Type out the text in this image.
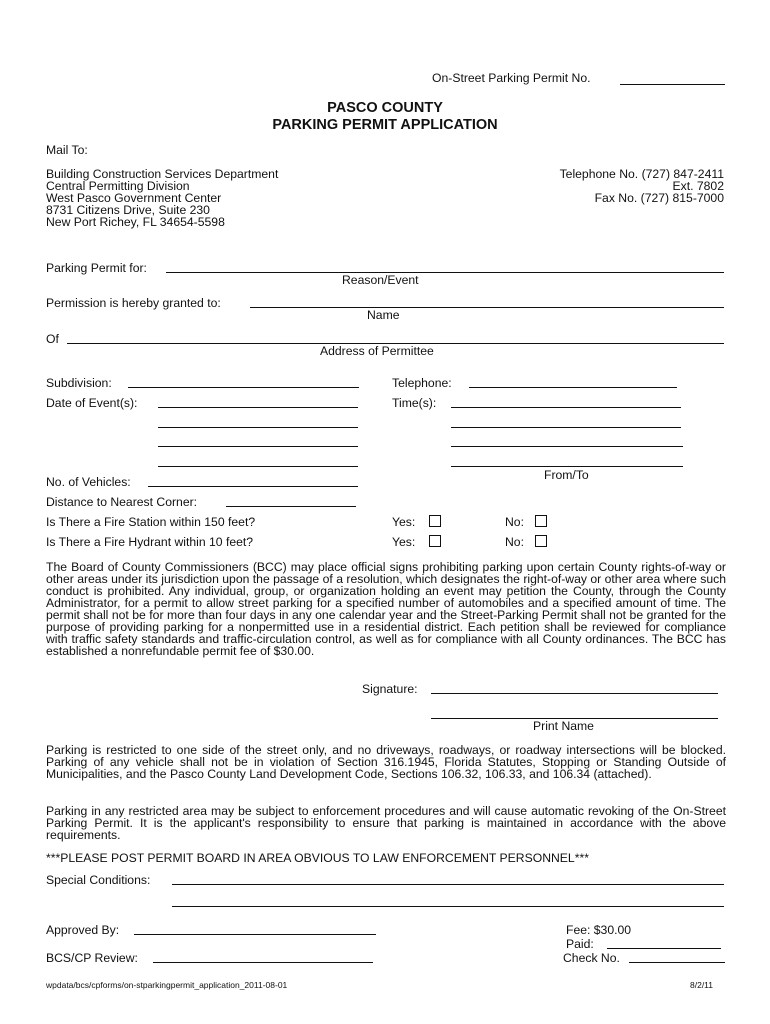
On-Street Parking Permit No.
PASCO COUNTY
PARKING PERMIT APPLICATION
Mail To:
Building Construction Services Department
Central Permitting Division
West Pasco Government Center
8731 Citizens Drive, Suite 230
New Port Richey, FL 34654-5598
Telephone No. (727) 847-2411
Ext. 7802
Fax No. (727) 815-7000
Parking Permit for:
Reason/Event
Permission is hereby granted to:
Name
Of
Address of Permittee
Subdivision:	Telephone:
Date of Event(s):	Time(s):
From/To
No. of Vehicles:
Distance to Nearest Corner:
Is There a Fire Station within 150 feet?	Yes:	No:
Is There a Fire Hydrant within 10 feet?	Yes:	No:
The Board of County Commissioners (BCC) may place official signs prohibiting parking upon certain County rights-of-way or other areas under its jurisdiction upon the passage of a resolution, which designates the right-of-way or other area where such conduct is prohibited. Any individual, group, or organization holding an event may petition the County, through the County Administrator, for a permit to allow street parking for a specified number of automobiles and a specified amount of time. The permit shall not be for more than four days in any one calendar year and the Street-Parking Permit shall not be granted for the purpose of providing parking for a nonpermitted use in a residential district. Each petition shall be reviewed for compliance with traffic safety standards and traffic-circulation control, as well as for compliance with all County ordinances. The BCC has established a nonrefundable permit fee of $30.00.
Signature:
Print Name
Parking is restricted to one side of the street only, and no driveways, roadways, or roadway intersections will be blocked. Parking of any vehicle shall not be in violation of Section 316.1945, Florida Statutes, Stopping or Standing Outside of Municipalities, and the Pasco County Land Development Code, Sections 106.32, 106.33, and 106.34 (attached).
Parking in any restricted area may be subject to enforcement procedures and will cause automatic revoking of the On-Street Parking Permit. It is the applicant's responsibility to ensure that parking is maintained in accordance with the above requirements.
***PLEASE POST PERMIT BOARD IN AREA OBVIOUS TO LAW ENFORCEMENT PERSONNEL***
Special Conditions:
Approved By:
BCS/CP Review:
Fee: $30.00
Paid:
Check No.
wpdata/bcs/cpforms/on-stparkingpermit_application_2011-08-01	8/2/11
